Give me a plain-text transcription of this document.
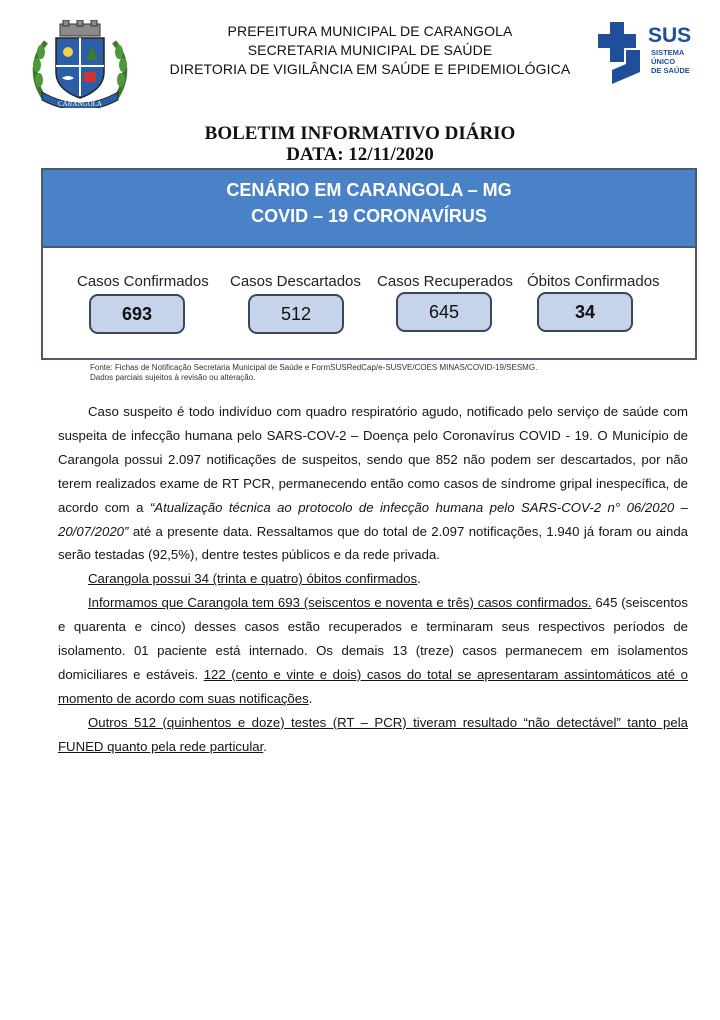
CARANGOLA
PREFEITURA MUNICIPAL DE CARANGOLA
SECRETARIA MUNICIPAL DE SAÚDE
DIRETORIA DE VIGILÂNCIA EM SAÚDE E EPIDEMIOLÓGICA
SUS
SISTEMA
ÚNICO
DE SAÚDE
BOLETIM INFORMATIVO DIÁRIO
DATA: 12/11/2020
CENÁRIO EM CARANGOLA – MG
COVID – 19 CORONAVÍRUS
Casos Confirmados
693
Casos Descartados
512
Casos Recuperados
645
Óbitos Confirmados
34
Fonte: Fichas de Notificação Secretaria Municipal de Saúde e FormSUSRedCap/e-SUSVE/COES MINAS/COVID-19/SESMG.
Dados parciais sujeitos à revisão ou alteração.

Caso suspeito é todo indivíduo com quadro respiratório agudo, notificado pelo serviço de saúde com suspeita de infecção humana pelo SARS-COV-2 – Doença pelo Coronavírus COVID - 19. O Município de Carangola possui 2.097 notificações de suspeitos, sendo que 852 não podem ser descartados, por não terem realizados exame de RT PCR, permanecendo então como casos de síndrome gripal inespecífica, de acordo com a “Atualização técnica ao protocolo de infecção humana pelo SARS-COV-2 n° 06/2020 – 20/07/2020” até a presente data. Ressaltamos que do total de 2.097 notificações, 1.940 já foram ou ainda serão testadas (92,5%), dentre testes públicos e da rede privada.

Carangola possui 34 (trinta e quatro) óbitos confirmados.

Informamos que Carangola tem 693 (seiscentos e noventa e três) casos confirmados. 645 (seiscentos e quarenta e cinco) desses casos estão recuperados e terminaram seus respectivos períodos de isolamento. 01 paciente está internado. Os demais 13 (treze) casos permanecem em isolamentos domiciliares e estáveis. 122 (cento e vinte e dois) casos do total se apresentaram assintomáticos até o momento de acordo com suas notificações.

Outros 512 (quinhentos e doze) testes (RT – PCR) tiveram resultado “não detectável” tanto pela FUNED quanto pela rede particular.
